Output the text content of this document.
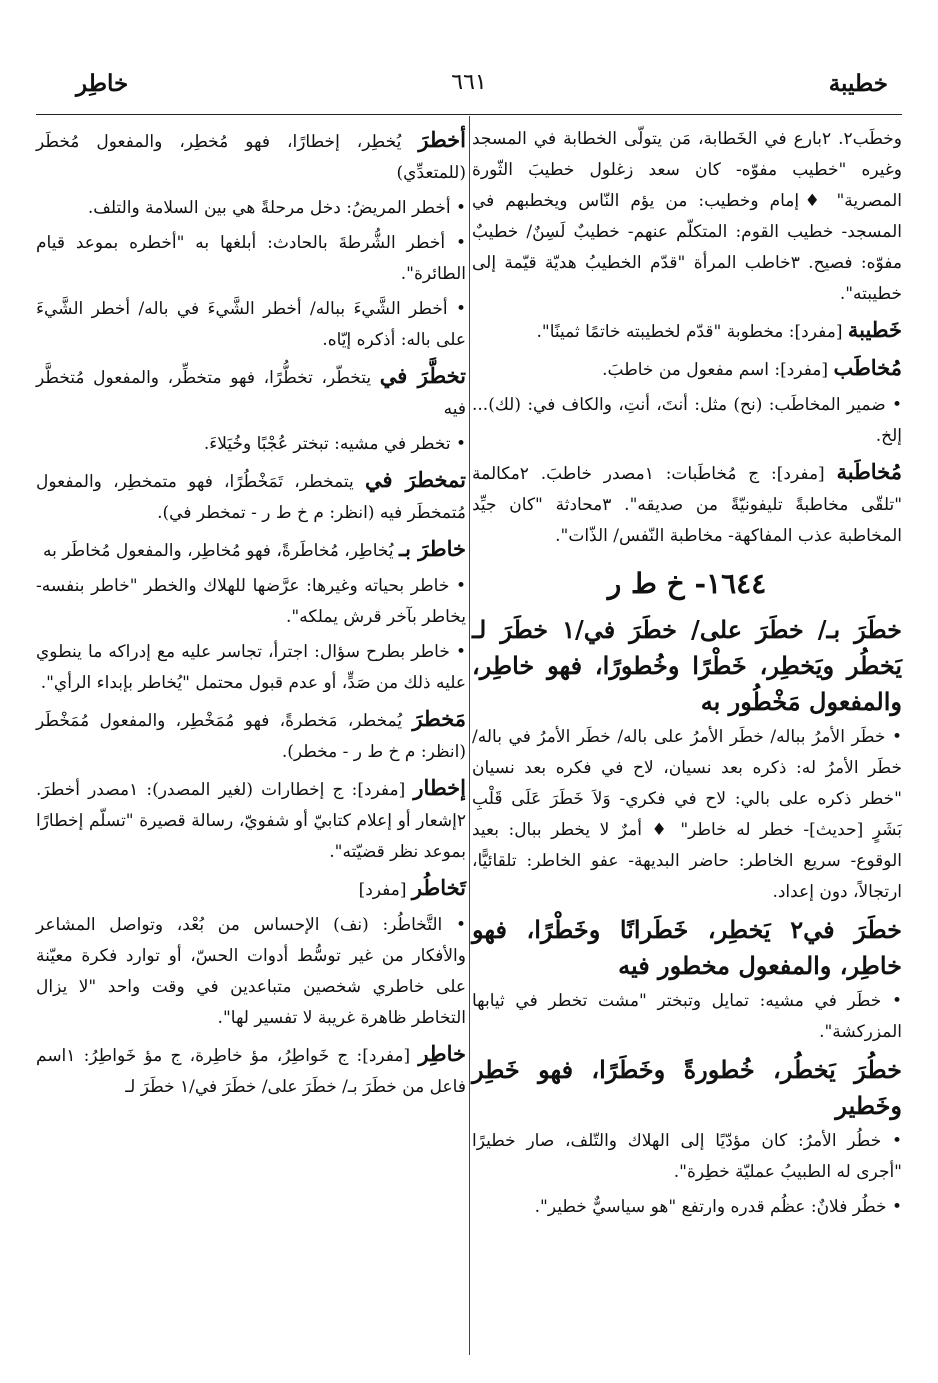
خطيبة
٦٦١
خاطِر

وخطَب٢. ٢بارع في الخَطابة، مَن يتولّى الخطابة في المسجد وغيره "خطيب مفوّه- كان سعد زغلول خطيبَ الثّورة المصرية" ♦إمام وخطيب: من يؤم النّاس ويخطبهم في المسجد- خطيب القوم: المتكلّم عنهم- خطيبٌ لَسِنٌ/ خطيبٌ مفوّه: فصيح. ٣خاطب المرأة "قدّم الخطيبُ هديّة قيّمة إلى خطيبته".

خَطيبة [مفرد]: مخطوبة "قدّم لخطيبته خاتمًا ثمينًا".

مُخاطَب [مفرد]: اسم مفعول من خاطبَ.

• ضمير المخاطَب: (نح) مثل: أنتَ، أنتِ، والكاف في: (لك)... إلخ.

مُخاطَبة [مفرد]: ج مُخاطَبات: ١مصدر خاطبَ. ٢مكالمة "تلقّى مخاطبةً تليفونيّةً من صديقه". ٣محادثة "كان جيِّد المخاطبة عذب المفاكهة- مخاطبة النّفس/ الذّات".

١٦٤٤- خ ط ر
خطَرَ بـ/ خطَرَ على/ خطَرَ في/١ خطَرَ لـ يَخطُر ويَخطِر، خَطْرًا وخُطورًا، فهو خاطِر، والمفعول مَخْطُور به

• خطَر الأمرُ بباله/ خطَر الأمرُ على باله/ خطَر الأمرُ في باله/ خطَر الأمرُ له: ذكره بعد نسيان، لاح في فكره بعد نسيان "خطر ذكره على بالي: لاح في فكري- وَلاَ خَطَرَ عَلَى قَلْبِ بَشَرٍ [حديث]- خطر له خاطر" ♦ أمرٌ لا يخطر ببال: بعيد الوقوع- سريع الخاطر: حاضر البديهة- عفو الخاطر: تلقائيًّا، ارتجالاً، دون إعداد.

خطَرَ في٢ يَخطِر، خَطَرانًا وخَطْرًا، فهو خاطِر، والمفعول مخطور فيه

• خطَر في مشيه: تمايل وتبختر "مشت تخطر في ثيابها المزركشة".

خطُرَ يَخطُر، خُطورةً وخَطَرًا، فهو خَطِر وخَطير

• خطُر الأمرُ: كان مؤدّيًا إلى الهلاك والتّلف، صار خطيرًا "أجرى له الطبيبُ عمليّة خطِرة".

• خطُر فلانٌ: عظُم قدره وارتفع "هو سياسيٌّ خطير".

أخطرَ يُخطِر، إخطارًا، فهو مُخطِر، والمفعول مُخطَر (للمتعدِّي)

• أخطر المريضُ: دخل مرحلةً هي بين السلامة والتلف.

• أخطر الشُّرطةَ بالحادث: أبلغها به "أخطره بموعد قيام الطائرة".

• أخطر الشَّيءَ بباله/ أخطر الشَّيءَ في باله/ أخطر الشَّيءَ على باله: أذكره إيّاه.

تخطَّرَ في يتخطّر، تخطُّرًا، فهو متخطِّر، والمفعول مُتخطَّر فيه

• تخطر في مشيه: تبختر عُجْبًا وخُيَلاءَ.

تمخطرَ في يتمخطر، تَمَخْطُرًا، فهو متمخطِر، والمفعول مُتمخطَر فيه (انظر: م خ ط ر - تمخطر في).

خاطرَ بـ يُخاطِر، مُخاطَرةً، فهو مُخاطِر، والمفعول مُخاطَر به

• خاطر بحياته وغيرها: عرَّضها للهلاك والخطر "خاطر بنفسه- يخاطر بآخر قرش يملكه".

• خاطر بطرح سؤال: اجترأ، تجاسر عليه مع إدراكه ما ينطوي عليه ذلك من صَدٍّ، أو عدم قبول محتمل "يُخاطر بإبداء الرأي".

مَخطرَ يُمخطر، مَخطرةً، فهو مُمَخْطِر، والمفعول مُمَخْطَر (انظر: م خ ط ر - مخطر).

إخطار [مفرد]: ج إخطارات (لغير المصدر): ١مصدر أخطرَ. ٢إشعار أو إعلام كتابيّ أو شفويّ، رسالة قصيرة "تسلّم إخطارًا بموعد نظر قضيّته".

تَخاطُر [مفرد]

• التَّخاطُر: (نف) الإحساس من بُعْد، وتواصل المشاعر والأفكار من غير توسُّط أدوات الحسّ، أو توارد فكرة معيّنة على خاطري شخصين متباعدين في وقت واحد "لا يزال التخاطر ظاهرة غريبة لا تفسير لها".

خاطِر [مفرد]: ج خَواطِرُ، مؤ خاطِرة، ج مؤ خَواطِرُ: ١اسم فاعل من خطَرَ بـ/ خطَرَ على/ خطَرَ في/١ خطَرَ لـ
